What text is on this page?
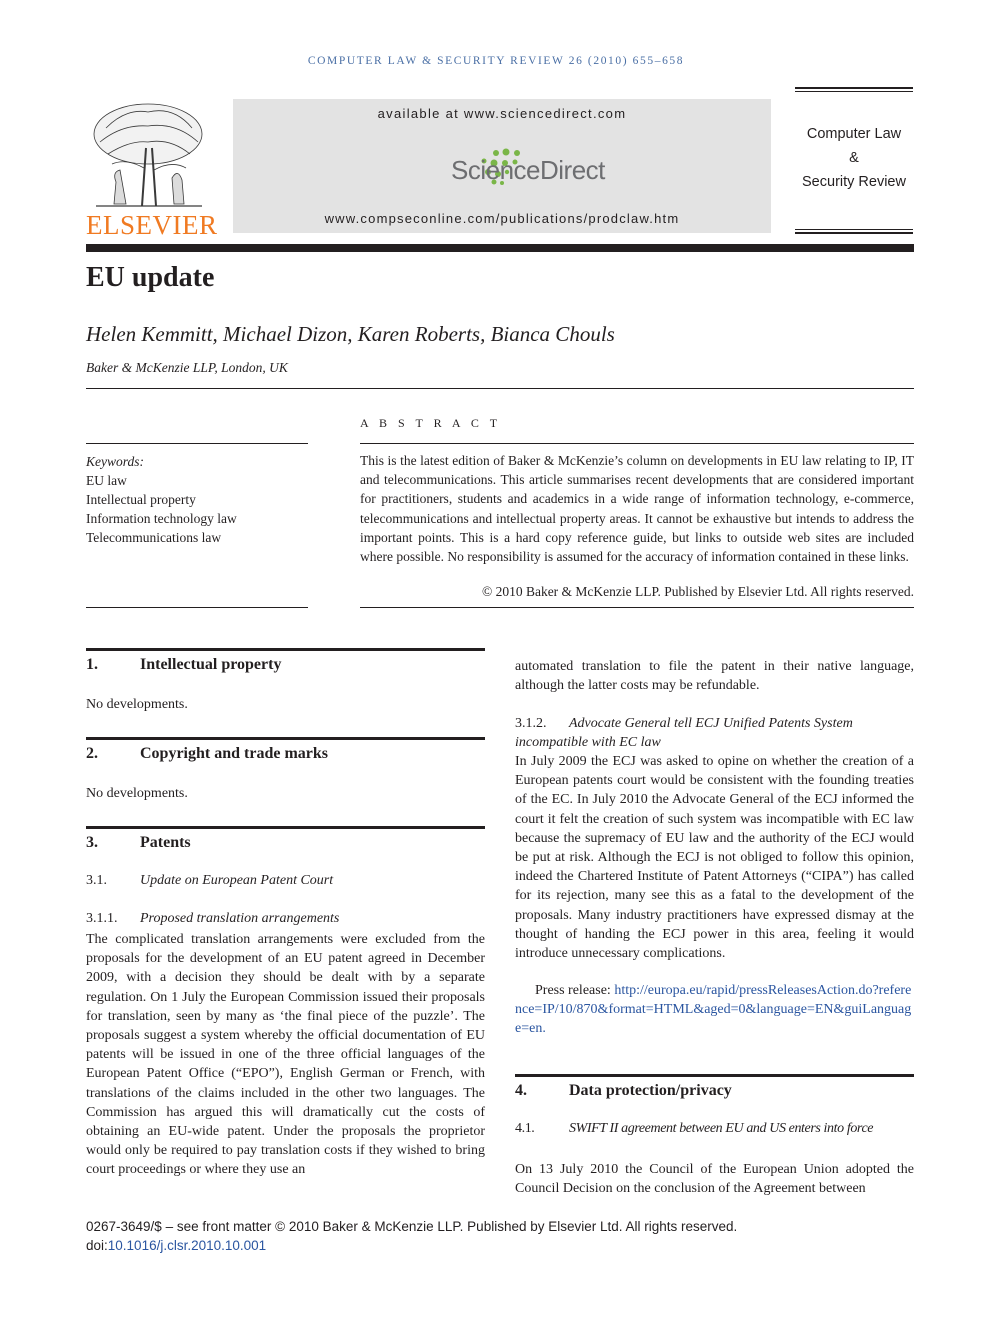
COMPUTER LAW & SECURITY REVIEW 26 (2010) 655–658
ELSEVIER
available at www.sciencedirect.com
ScienceDirect
www.compseconline.com/publications/prodclaw.htm
Computer Law
&
Security Review
EU update
Helen Kemmitt, Michael Dizon, Karen Roberts, Bianca Chouls
Baker & McKenzie LLP, London, UK
Keywords:
EU law
Intellectual property
Information technology law
Telecommunications law
A B S T R A C T
This is the latest edition of Baker & McKenzie’s column on developments in EU law relating to IP, IT and telecommunications. This article summarises recent developments that are considered important for practitioners, students and academics in a wide range of information technology, e-commerce, telecommunications and intellectual property areas. It cannot be exhaustive but intends to address the important points. This is a hard copy reference guide, but links to outside web sites are included where possible. No responsibility is assumed for the accuracy of information contained in these links.
© 2010 Baker & McKenzie LLP. Published by Elsevier Ltd. All rights reserved.
1.	Intellectual property
No developments.
2.	Copyright and trade marks
No developments.
3.	Patents
3.1. Update on European Patent Court
3.1.1. Proposed translation arrangements
The complicated translation arrangements were excluded from the proposals for the development of an EU patent agreed in December 2009, with a decision they should be dealt with by a separate regulation. On 1 July the European Commission issued their proposals for translation, seen by many as ‘the final piece of the puzzle’. The proposals suggest a system whereby the official documentation of EU patents will be issued in one of the three official languages of the European Patent Office (“EPO”), English German or French, with translations of the claims included in the other two languages. The Commission has argued this will dramatically cut the costs of obtaining an EU-wide patent. Under the proposals the proprietor would only be required to pay translation costs if they wished to bring court proceedings or where they use an
automated translation to file the patent in their native language, although the latter costs may be refundable.
3.1.2. Advocate General tell ECJ Unified Patents System
incompatible with EC law
In July 2009 the ECJ was asked to opine on whether the creation of a European patents court would be consistent with the founding treaties of the EC. In July 2010 the Advocate General of the ECJ informed the court it felt the creation of such system was incompatible with EC law because the supremacy of EU law and the authority of the ECJ would be put at risk. Although the ECJ is not obliged to follow this opinion, indeed the Chartered Institute of Patent Attorneys (“CIPA”) has called for its rejection, many see this as a fatal to the development of the proposals. Many industry practitioners have expressed dismay at the thought of handing the ECJ power in this area, feeling it would introduce unnecessary complications.
Press release: http://europa.eu/rapid/pressReleasesAction.do?reference=IP/10/870&format=HTML&aged=0&language=EN&guiLanguage=en.
4.	Data protection/privacy
4.1. SWIFT II agreement between EU and US enters into force
On 13 July 2010 the Council of the European Union adopted the Council Decision on the conclusion of the Agreement between
0267-3649/$ – see front matter © 2010 Baker & McKenzie LLP. Published by Elsevier Ltd. All rights reserved.
doi:10.1016/j.clsr.2010.10.001
